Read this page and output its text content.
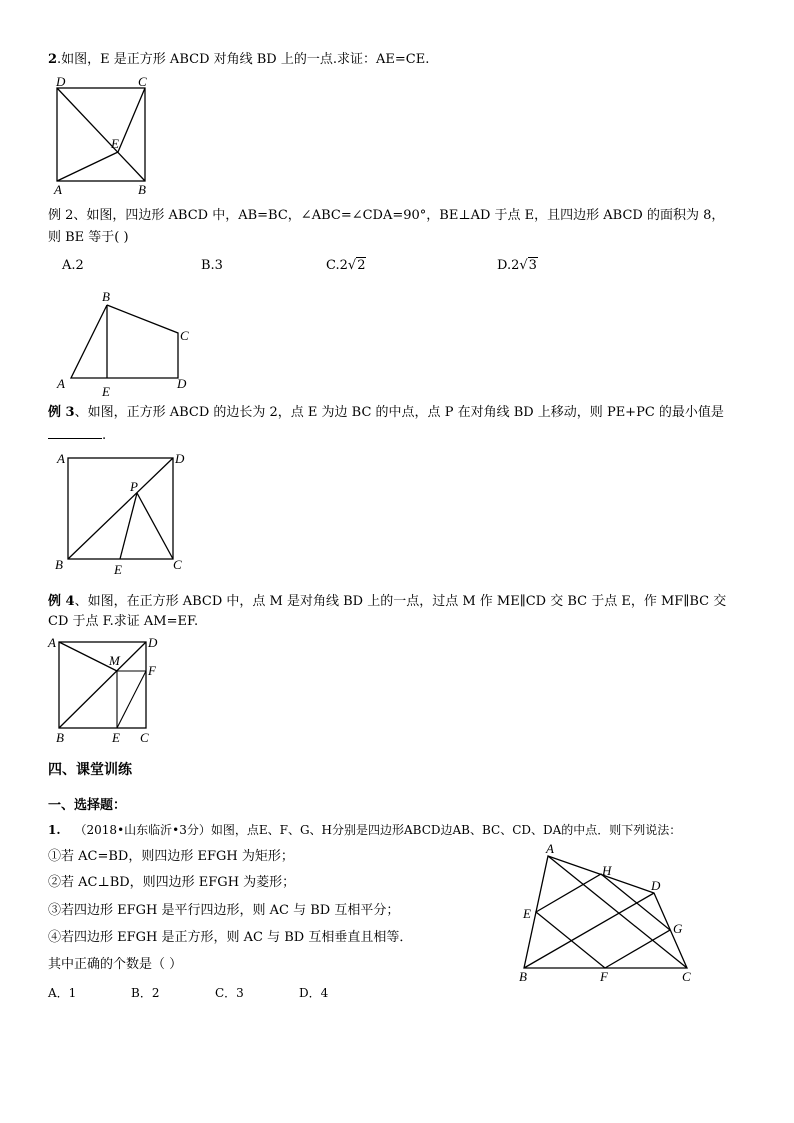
2.如图，E 是正方形 ABCD 对角线 BD 上的一点.求证：AE=CE.
D	C
E
A	B
例 2、如图，四边形 ABCD 中，AB=BC，∠ABC=∠CDA=90°，BE⊥AD 于点 E，且四边形 ABCD 的面积为 8，
则 BE 等于( )
A.2	B.3	C.2√2	D.2√3
B
C
A
E
D
例 3、如图，正方形 ABCD 的边长为 2，点 E 为边 BC 的中点，点 P 在对角线 BD 上移动，则 PE+PC 的最小值是
.
A	D
P
B	E	C
例 4、如图，在正方形 ABCD 中，点 M 是对角线 BD 上的一点，过点 M 作 ME∥CD 交 BC 于点 E，作 MF∥BC 交
CD 于点 F.求证 AM=EF.
A	D
M
F
B	E C
四、课堂训练
一、选择题：
1. （2018•山东临沂•3分）如图，点E、F、G、H分别是四边形ABCD边AB、BC、CD、DA的中点．则下列说法：
①若 AC=BD，则四边形 EFGH 为矩形；
②若 AC⊥BD，则四边形 EFGH 为菱形；
③若四边形 EFGH 是平行四边形，则 AC 与 BD 互相平分；
④若四边形 EFGH 是正方形，则 AC 与 BD 互相垂直且相等．
其中正确的个数是（ ）
A．1	B．2	C．3	D．4
A
H
D
E
G
B	F	C
